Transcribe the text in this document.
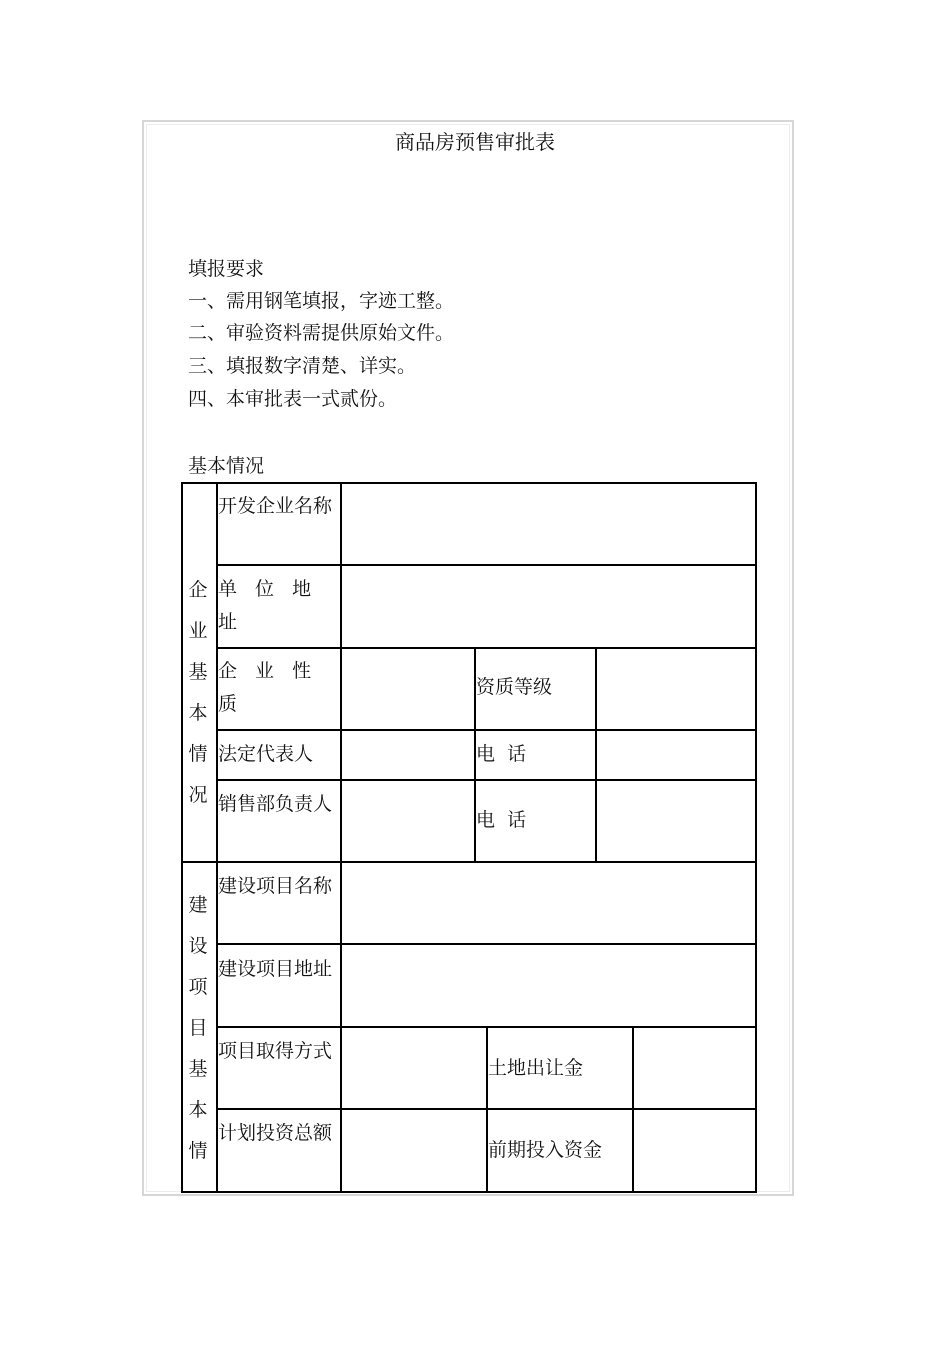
商品房预售审批表
填报要求
一、需用钢笔填报，字迹工整。
二、审验资料需提供原始文件。
三、填报数字清楚、详实。
四、本审批表一式贰份。
基本情况
企业基本情况
建设项目基本情
开发企业名称
单 位 地 址
企 业 性 质
资质等级
法定代表人	电  话
销售部负责人
电  话
建设项目名称
建设项目地址
项目取得方式
土地出让金
计划投资总额
前期投入资金
